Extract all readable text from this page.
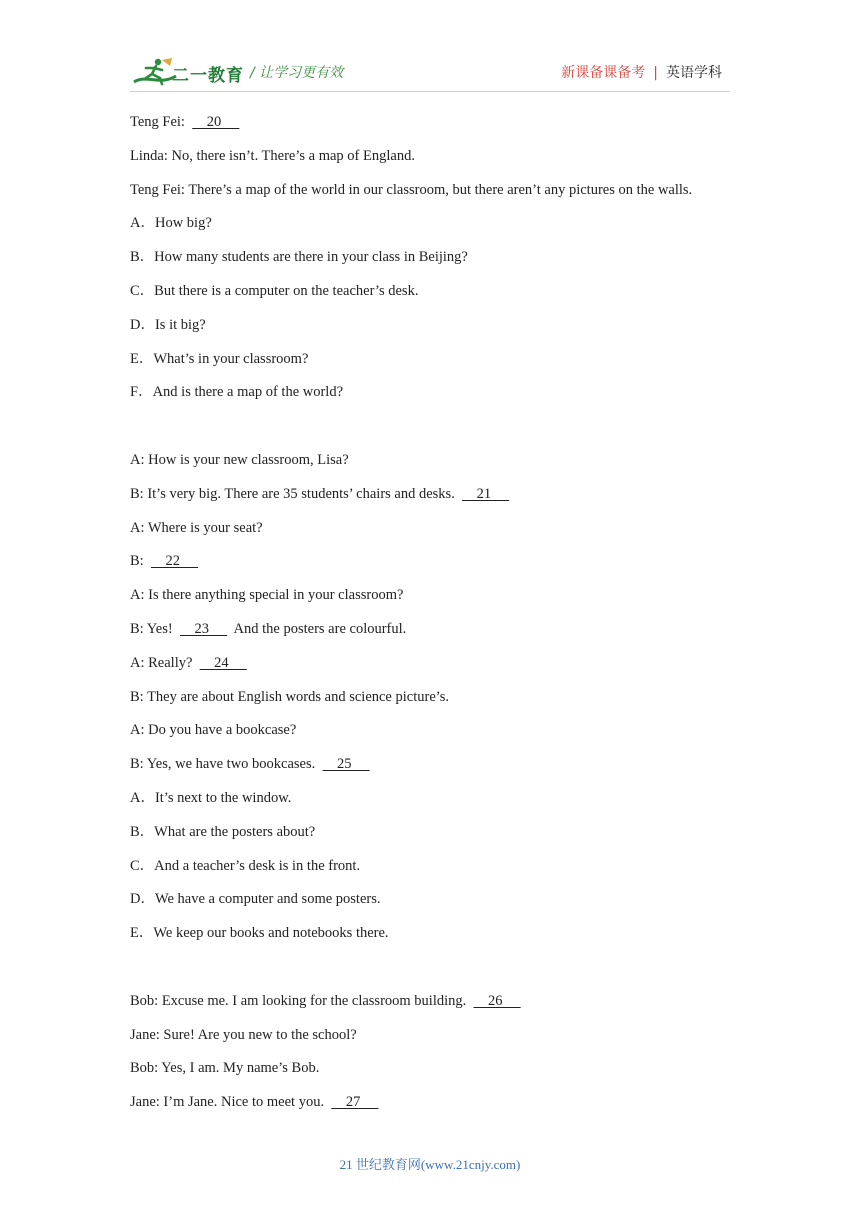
二一教育 / 让学习更有效	新课备课备考 | 英语学科
Teng Fei:      20
Linda: No, there isn’t. There’s a map of England.
Teng Fei: There’s a map of the world in our classroom, but there aren’t any pictures on the walls.
A．How big?
B．How many students are there in your class in Beijing?
C．But there is a computer on the teacher’s desk.
D．Is it big?
E．What’s in your classroom?
F．And is there a map of the world?
A: How is your new classroom, Lisa?
B: It’s very big. There are 35 students’ chairs and desks.      21
A: Where is your seat?
B:      22
A: Is there anything special in your classroom?
B: Yes!      23       And the posters are colourful.
A: Really?      24
B: They are about English words and science picture’s.
A: Do you have a bookcase?
B: Yes, we have two bookcases.      25
A．It’s next to the window.
B．What are the posters about?
C．And a teacher’s desk is in the front.
D．We have a computer and some posters.
E．We keep our books and notebooks there.
Bob: Excuse me. I am looking for the classroom building.      26
Jane: Sure! Are you new to the school?
Bob: Yes, I am. My name’s Bob.
Jane: I’m Jane. Nice to meet you.      27
21 世纪教育网(www.21cnjy.com)
